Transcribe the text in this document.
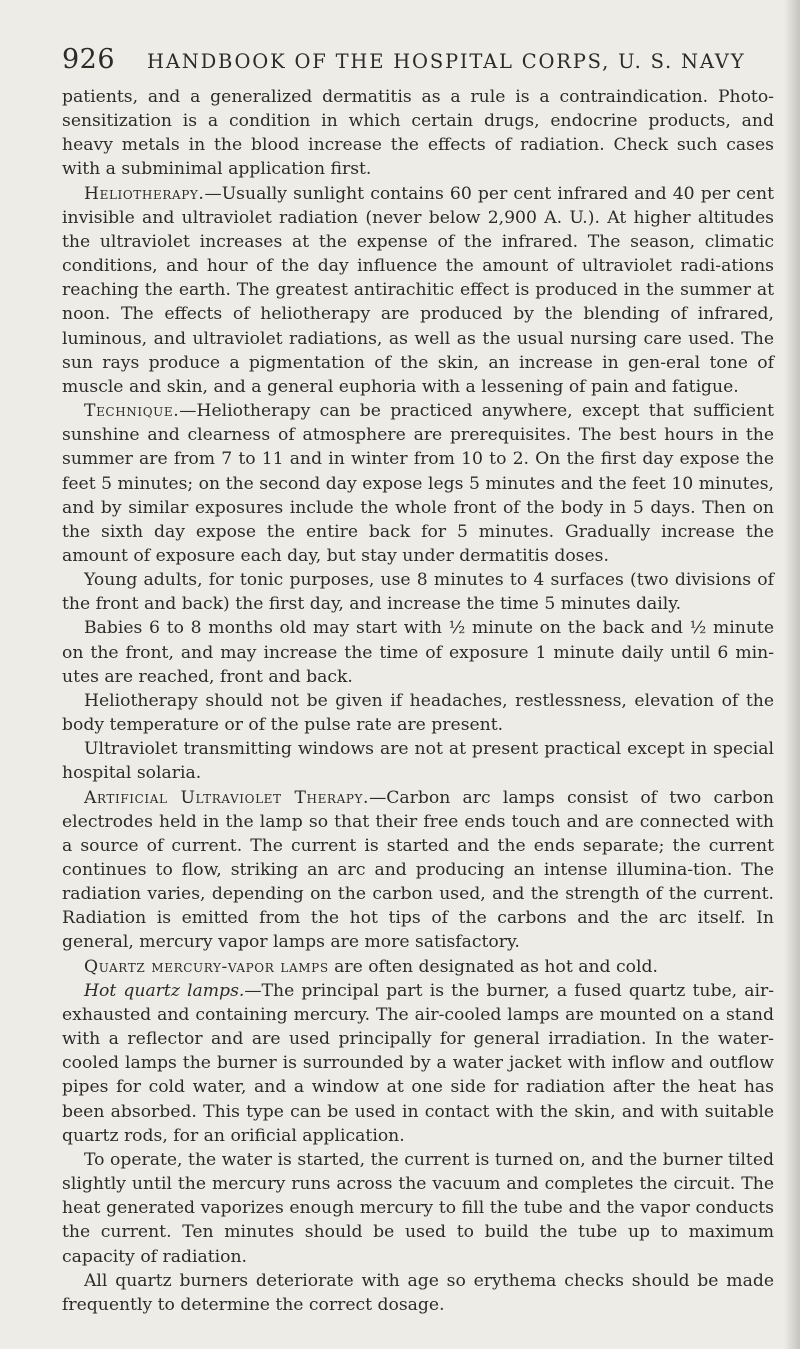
926 HANDBOOK OF THE HOSPITAL CORPS, U. S. NAVY

patients, and a generalized dermatitis as a rule is a contraindication. Photo-sensitization is a condition in which certain drugs, endocrine products, and heavy metals in the blood increase the effects of radiation. Check such cases with a subminimal application first.

Heliotherapy.—Usually sunlight contains 60 per cent infrared and 40 per cent invisible and ultraviolet radiation (never below 2,900 A. U.). At higher altitudes the ultraviolet increases at the expense of the infrared. The season, climatic conditions, and hour of the day influence the amount of ultraviolet radi-ations reaching the earth. The greatest antirachitic effect is produced in the summer at noon. The effects of heliotherapy are produced by the blending of infrared, luminous, and ultraviolet radiations, as well as the usual nursing care used. The sun rays produce a pigmentation of the skin, an increase in gen-eral tone of muscle and skin, and a general euphoria with a lessening of pain and fatigue.

Technique.—Heliotherapy can be practiced anywhere, except that sufficient sunshine and clearness of atmosphere are prerequisites. The best hours in the summer are from 7 to 11 and in winter from 10 to 2. On the first day expose the feet 5 minutes; on the second day expose legs 5 minutes and the feet 10 minutes, and by similar exposures include the whole front of the body in 5 days. Then on the sixth day expose the entire back for 5 minutes. Gradually increase the amount of exposure each day, but stay under dermatitis doses.

Young adults, for tonic purposes, use 8 minutes to 4 surfaces (two divisions of the front and back) the first day, and increase the time 5 minutes daily.

Babies 6 to 8 months old may start with ½ minute on the back and ½ minute on the front, and may increase the time of exposure 1 minute daily until 6 min-utes are reached, front and back.

Heliotherapy should not be given if headaches, restlessness, elevation of the body temperature or of the pulse rate are present.

Ultraviolet transmitting windows are not at present practical except in special hospital solaria.

Artificial Ultraviolet Therapy.—Carbon arc lamps consist of two carbon electrodes held in the lamp so that their free ends touch and are connected with a source of current. The current is started and the ends separate; the current continues to flow, striking an arc and producing an intense illumina-tion. The radiation varies, depending on the carbon used, and the strength of the current. Radiation is emitted from the hot tips of the carbons and the arc itself. In general, mercury vapor lamps are more satisfactory.

Quartz mercury-vapor lamps are often designated as hot and cold.

Hot quartz lamps.—The principal part is the burner, a fused quartz tube, air-exhausted and containing mercury. The air-cooled lamps are mounted on a stand with a reflector and are used principally for general irradiation. In the water-cooled lamps the burner is surrounded by a water jacket with inflow and outflow pipes for cold water, and a window at one side for radiation after the heat has been absorbed. This type can be used in contact with the skin, and with suitable quartz rods, for an orificial application.

To operate, the water is started, the current is turned on, and the burner tilted slightly until the mercury runs across the vacuum and completes the circuit. The heat generated vaporizes enough mercury to fill the tube and the vapor conducts the current. Ten minutes should be used to build the tube up to maximum capacity of radiation.

All quartz burners deteriorate with age so erythema checks should be made frequently to determine the correct dosage.
